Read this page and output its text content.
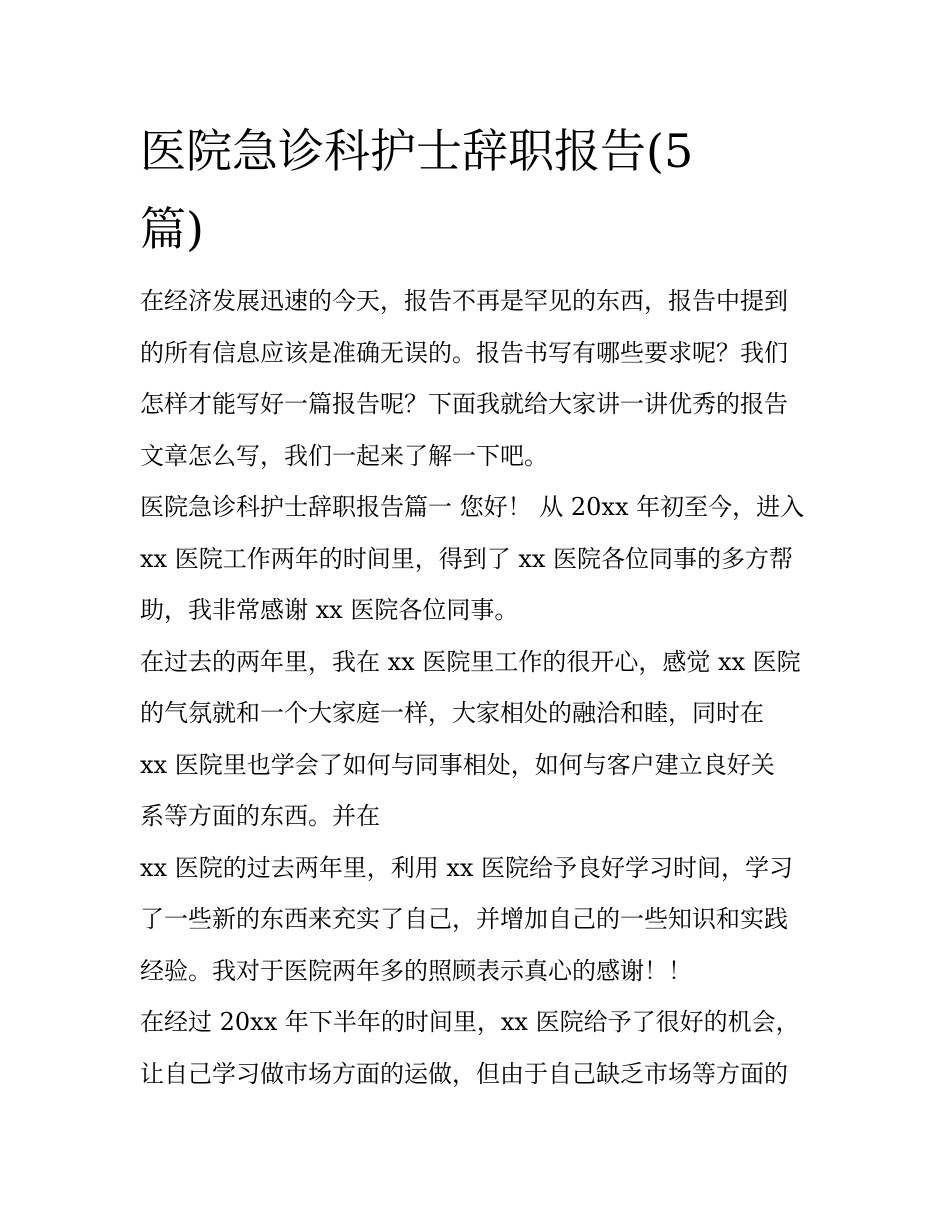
医院急诊科护士辞职报告(5
篇)

在经济发展迅速的今天，报告不再是罕见的东西，报告中提到
的所有信息应该是准确无误的。报告书写有哪些要求呢？我们
怎样才能写好一篇报告呢？下面我就给大家讲一讲优秀的报告
文章怎么写，我们一起来了解一下吧。

医院急诊科护士辞职报告篇一 您好！ 从 20xx 年初至今，进入
xx 医院工作两年的时间里，得到了 xx 医院各位同事的多方帮
助，我非常感谢 xx 医院各位同事。

在过去的两年里，我在 xx 医院里工作的很开心，感觉 xx 医院
的气氛就和一个大家庭一样，大家相处的融洽和睦，同时在
xx 医院里也学会了如何与同事相处，如何与客户建立良好关
系等方面的东西。并在

xx 医院的过去两年里，利用 xx 医院给予良好学习时间，学习
了一些新的东西来充实了自己，并增加自己的一些知识和实践
经验。我对于医院两年多的照顾表示真心的感谢！！

在经过 20xx 年下半年的时间里，xx 医院给予了很好的机会，
让自己学习做市场方面的运做，但由于自己缺乏市场等方面的
